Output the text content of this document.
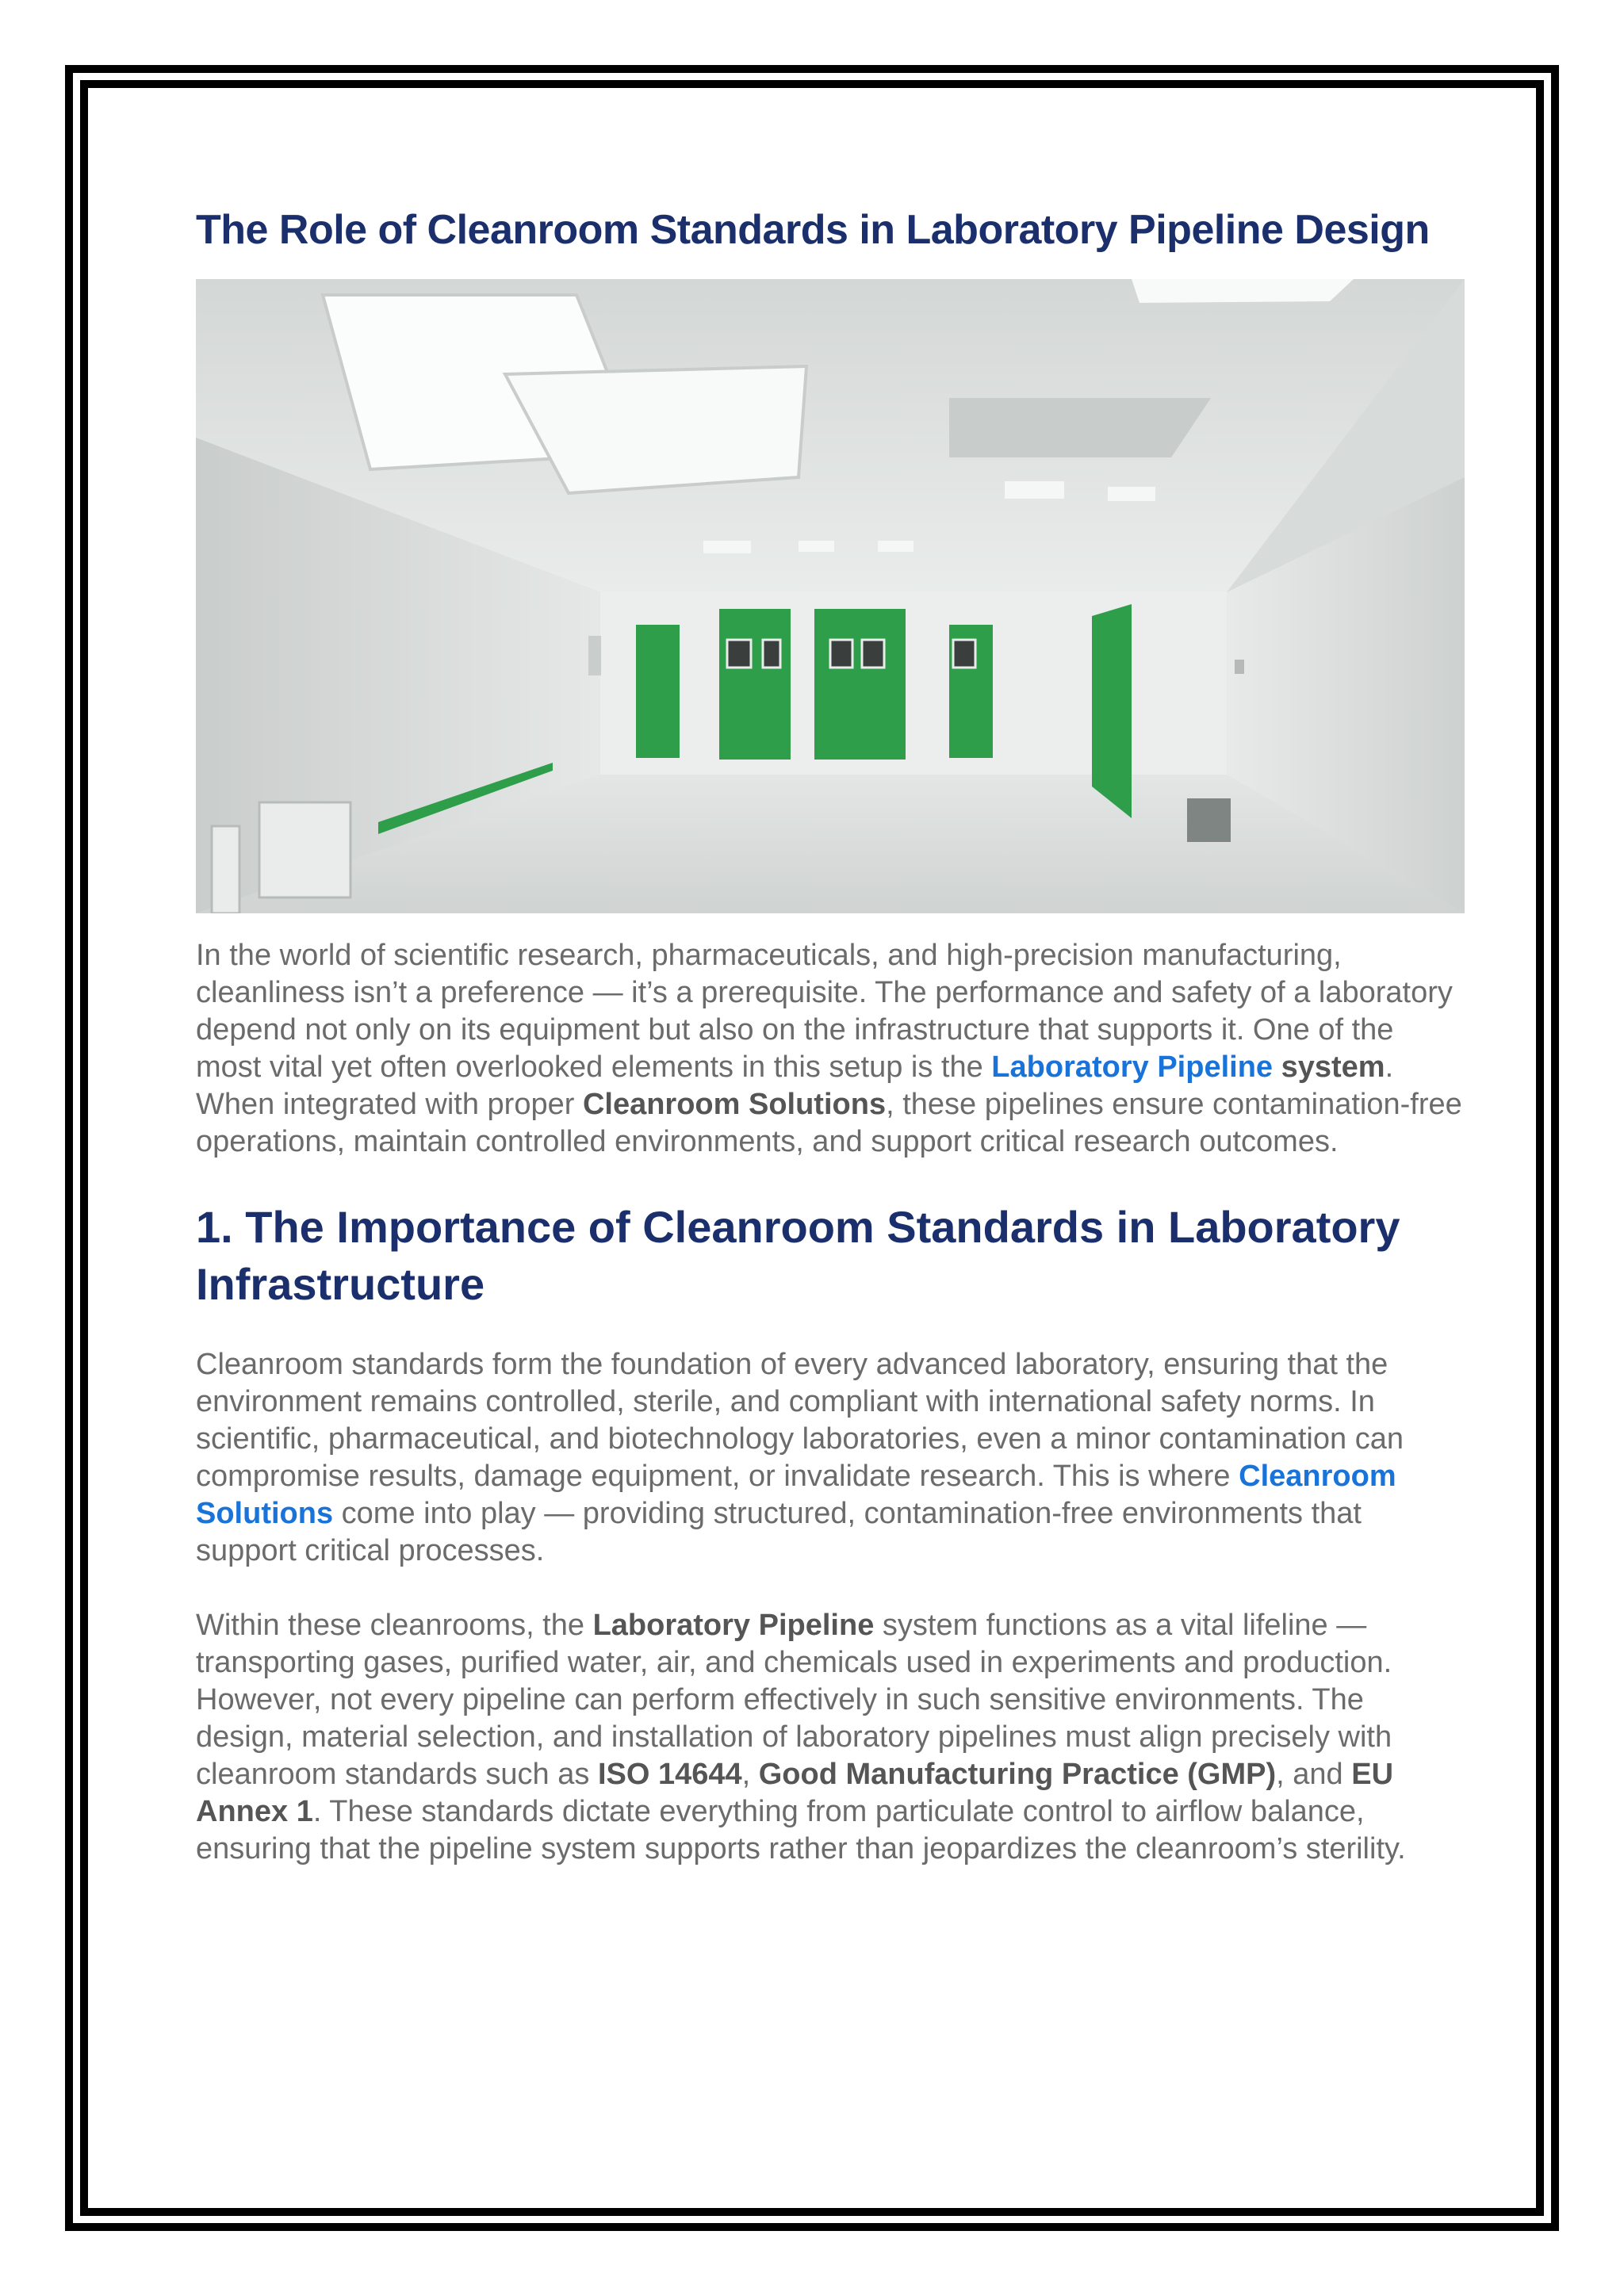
The Role of Cleanroom Standards in Laboratory Pipeline Design

In the world of scientific research, pharmaceuticals, and high-precision manufacturing, cleanliness isn’t a preference — it’s a prerequisite. The performance and safety of a laboratory depend not only on its equipment but also on the infrastructure that supports it. One of the most vital yet often overlooked elements in this setup is the Laboratory Pipeline system. When integrated with proper Cleanroom Solutions, these pipelines ensure contamination-free operations, maintain controlled environments, and support critical research outcomes.

1. The Importance of Cleanroom Standards in Laboratory Infrastructure

Cleanroom standards form the foundation of every advanced laboratory, ensuring that the environment remains controlled, sterile, and compliant with international safety norms. In scientific, pharmaceutical, and biotechnology laboratories, even a minor contamination can compromise results, damage equipment, or invalidate research. This is where Cleanroom Solutions come into play — providing structured, contamination-free environments that support critical processes.

Within these cleanrooms, the Laboratory Pipeline system functions as a vital lifeline — transporting gases, purified water, air, and chemicals used in experiments and production. However, not every pipeline can perform effectively in such sensitive environments. The design, material selection, and installation of laboratory pipelines must align precisely with cleanroom standards such as ISO 14644, Good Manufacturing Practice (GMP), and EU Annex 1. These standards dictate everything from particulate control to airflow balance, ensuring that the pipeline system supports rather than jeopardizes the cleanroom’s sterility.
